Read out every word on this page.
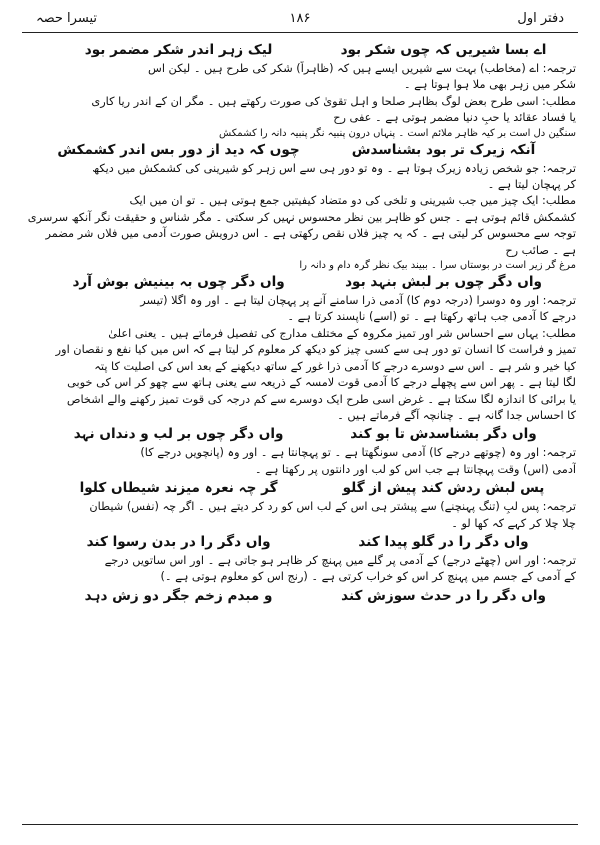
تیسرا حصہ	۱۸۶	دفتر اول
اے بسا شیریں کہ چوں شکر بودلیک زہر اندر شکر مضمر بود
ترجمہ: اے (مخاطب) بہت سے شیریں ایسے ہیں کہ (ظاہراً) شکر کی طرح ہیں ۔ لیکن اس
شکر میں زہر بھی ملا ہوا ہوتا ہے ۔
مطلب: اسی طرح بعض لوگ بظاہر صلحا و اہل تقویٰ کی صورت رکھتے ہیں ۔ مگر ان کے اندر ریا کاری
یا فساد عقائد یا حبِ دنیا مضمر ہوتی ہے ۔ عفی رح
سنگین دل است بر کیہ ظاہر ملائم است ۔ پنہاں درون پنبیہ نگر پنبیہ دانہ را کشمکش
آنکہ زیرک تر بود بشناسدشچوں کہ دید از دور بس اندر کشمکش
ترجمہ: جو شخص زیادہ زیرک ہوتا ہے ۔ وہ تو دور ہی سے اس زہر کو شیرینی کی کشمکش میں دیکھ
کر پہچان لیتا ہے ۔
مطلب: ایک چیز میں جب شیرینی و تلخی کی دو متضاد کیفیتیں جمع ہوتی ہیں ۔ تو ان میں ایک
کشمکش قائم ہوتی ہے ۔ جس کو ظاہر بین نظر محسوس نہیں کر سکتی ۔ مگر شناس و حقیقت نگر آنکھ سرسری
توجہ سے محسوس کر لیتی ہے ۔ کہ یہ چیز فلاں نقص رکھتی ہے ۔ اس درویش صورت آدمی میں فلاں شر مضمر
ہے ۔ صائب رح
مرغ گر زیر است در بوستاں سرا ۔ ببیند بیک نظر گرہ دام و دانہ را
واں دگر چوں بر لبش بنہد بودواں دگر چوں بہ بینیش بوش آرد
ترجمہ: اور وہ دوسرا (درجہ دوم کا) آدمی ذرا سامنے آنے پر پہچان لیتا ہے ۔ اور وہ اگلا (تیسر
درجے کا آدمی جب ہاتھ رکھتا ہے ۔ تو (اسے) ناپسند کرتا ہے ۔
مطلب: یہاں سے احساس شر اور تمیز مکروہ کے مختلف مدارج کی تفصیل فرماتے ہیں ۔ یعنی اعلیٰ
تمیز و فراست کا انسان تو دور ہی سے کسی چیز کو دیکھ کر معلوم کر لیتا ہے کہ اس میں کیا نفع و نقصان اور
کیا خیر و شر ہے ۔ اس سے دوسرے درجے کا آدمی ذرا غور کے ساتھ دیکھنے کے بعد اس کی اصلیت کا پتہ
لگا لیتا ہے ۔ پھر اس سے پچھلے درجے کا آدمی قوت لامسہ کے ذریعہ سے یعنی ہاتھ سے چھو کر اس کی خوبی
یا برائی کا اندازہ لگا سکتا ہے ۔ غرض اسی طرح ایک دوسرے سے کم درجہ کی قوت تمیز رکھنے والے اشخاص
کا احساس جدا گانہ ہے ۔ چنانچہ آگے فرماتے ہیں ۔
واں دگر بشناسدش تا بو کندواں دگر چوں بر لب و دنداں نہد
ترجمہ: اور وہ (چوتھے درجے کا) آدمی سونگھتا ہے ۔ تو پہچانتا ہے ۔ اور وہ (پانچویں درجے کا)
آدمی (اس) وقت پہچانتا ہے جب اس کو لب اور دانتوں پر رکھتا ہے ۔
پس لبش ردش کند پیش از گلوگر چہ نعرہ میزند شیطاں کلوا
ترجمہ: پس لبِ (تنگ پہنچنے) سے پیشتر ہی اس کے لب اس کو رد کر دیتے ہیں ۔ اگر چہ (نفس) شیطان
چلا چلا کر کہے کہ کھا لو ۔
واں دگر را در گلو پیدا کندواں دگر را در بدن رسوا کند
ترجمہ: اور اس (چھٹے درجے) کے آدمی پر گلے میں پہنچ کر ظاہر ہو جاتی ہے ۔ اور اس ساتویں درجے
کے آدمی کے جسم میں پہنچ کر اس کو خراب کرتی ہے ۔ (رنج اس کو معلوم ہوتی ہے ۔)
واں دگر را در حدث سوزش کندو مبدم زخم جگر دو زش دہد
